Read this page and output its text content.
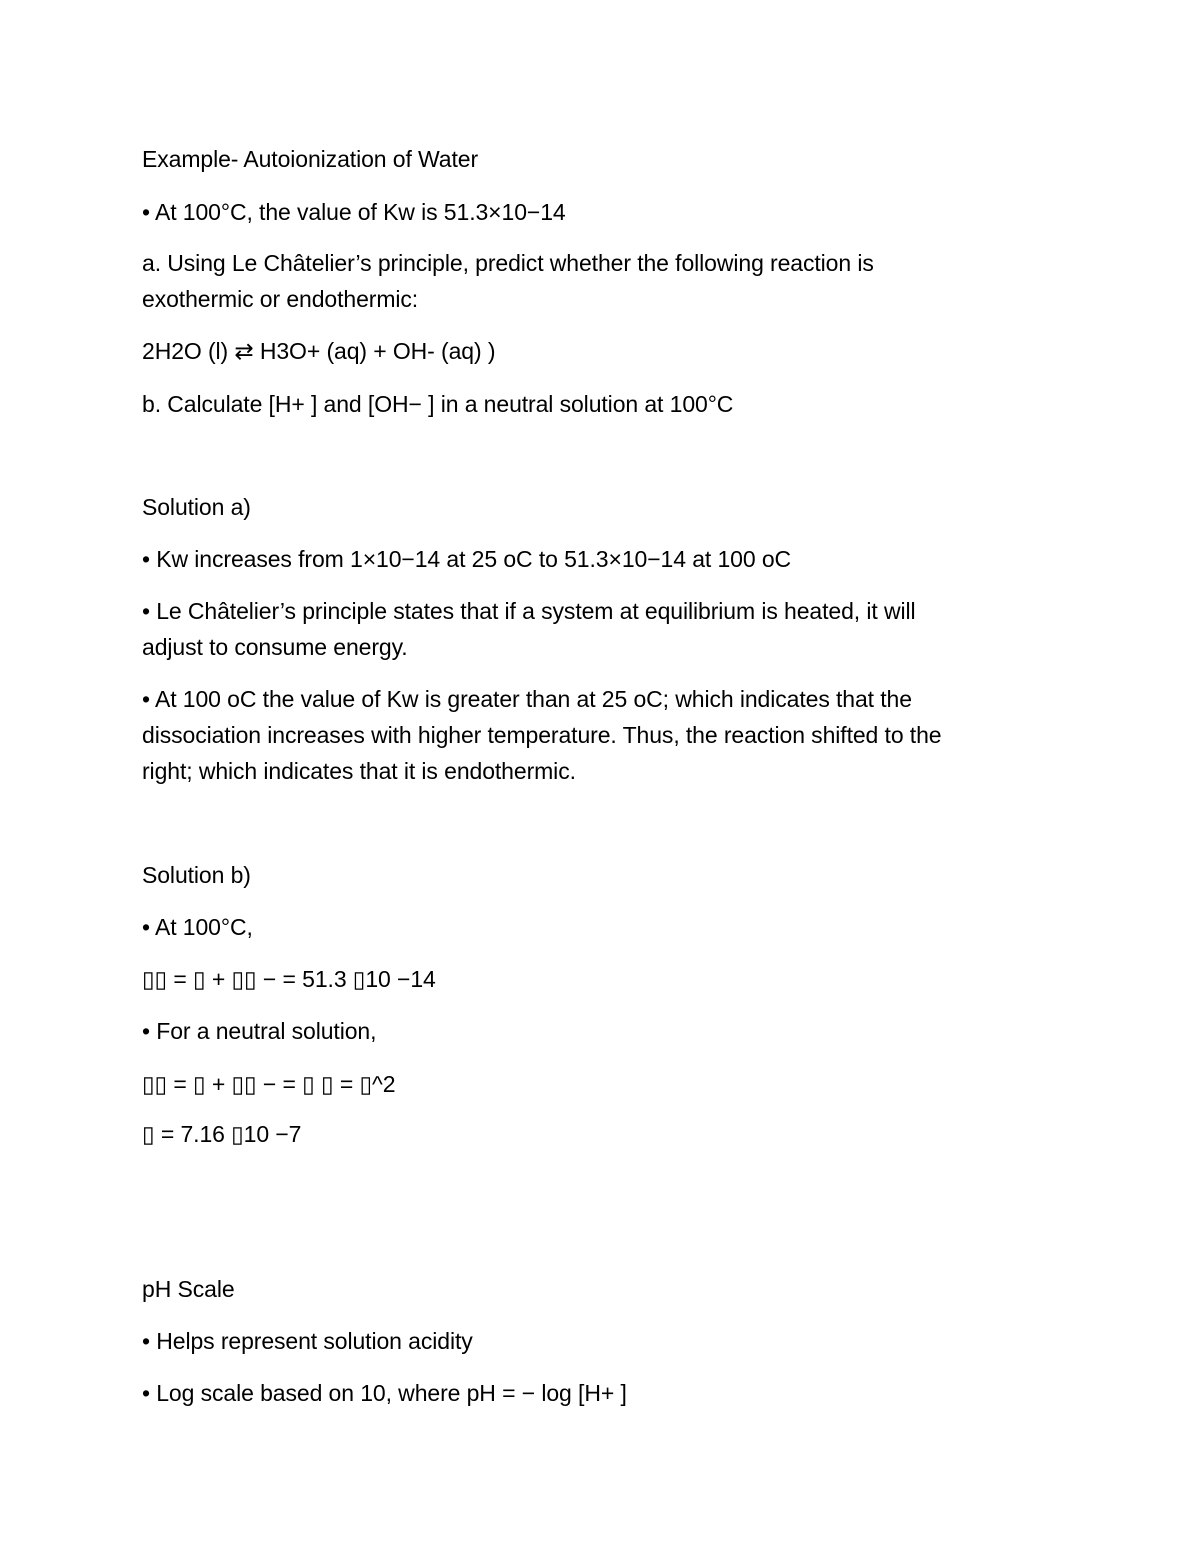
Example- Autoionization of Water
• At 100°C, the value of Kw is 51.3×10−14
a. Using Le Châtelier’s principle, predict whether the following reaction is
exothermic or endothermic:
2H2O (l) ⇄ H3O+ (aq) + OH- (aq) )
b. Calculate [H+ ] and [OH− ] in a neutral solution at 100°C
Solution a)
• Kw increases from 1×10−14 at 25 oC to 51.3×10−14 at 100 oC
• Le Châtelier’s principle states that if a system at equilibrium is heated, it will
adjust to consume energy.
• At 100 oC the value of Kw is greater than at 25 oC; which indicates that the
dissociation increases with higher temperature. Thus, the reaction shifted to the
right; which indicates that it is endothermic.
Solution b)
• At 100°C,
▯▯ = ▯ + ▯▯ − = 51.3 ▯10 −14
• For a neutral solution,
▯▯ = ▯ + ▯▯ − = ▯ ▯ = ▯^2
▯ = 7.16 ▯10 −7
pH Scale
• Helps represent solution acidity
• Log scale based on 10, where pH = − log [H+ ]
